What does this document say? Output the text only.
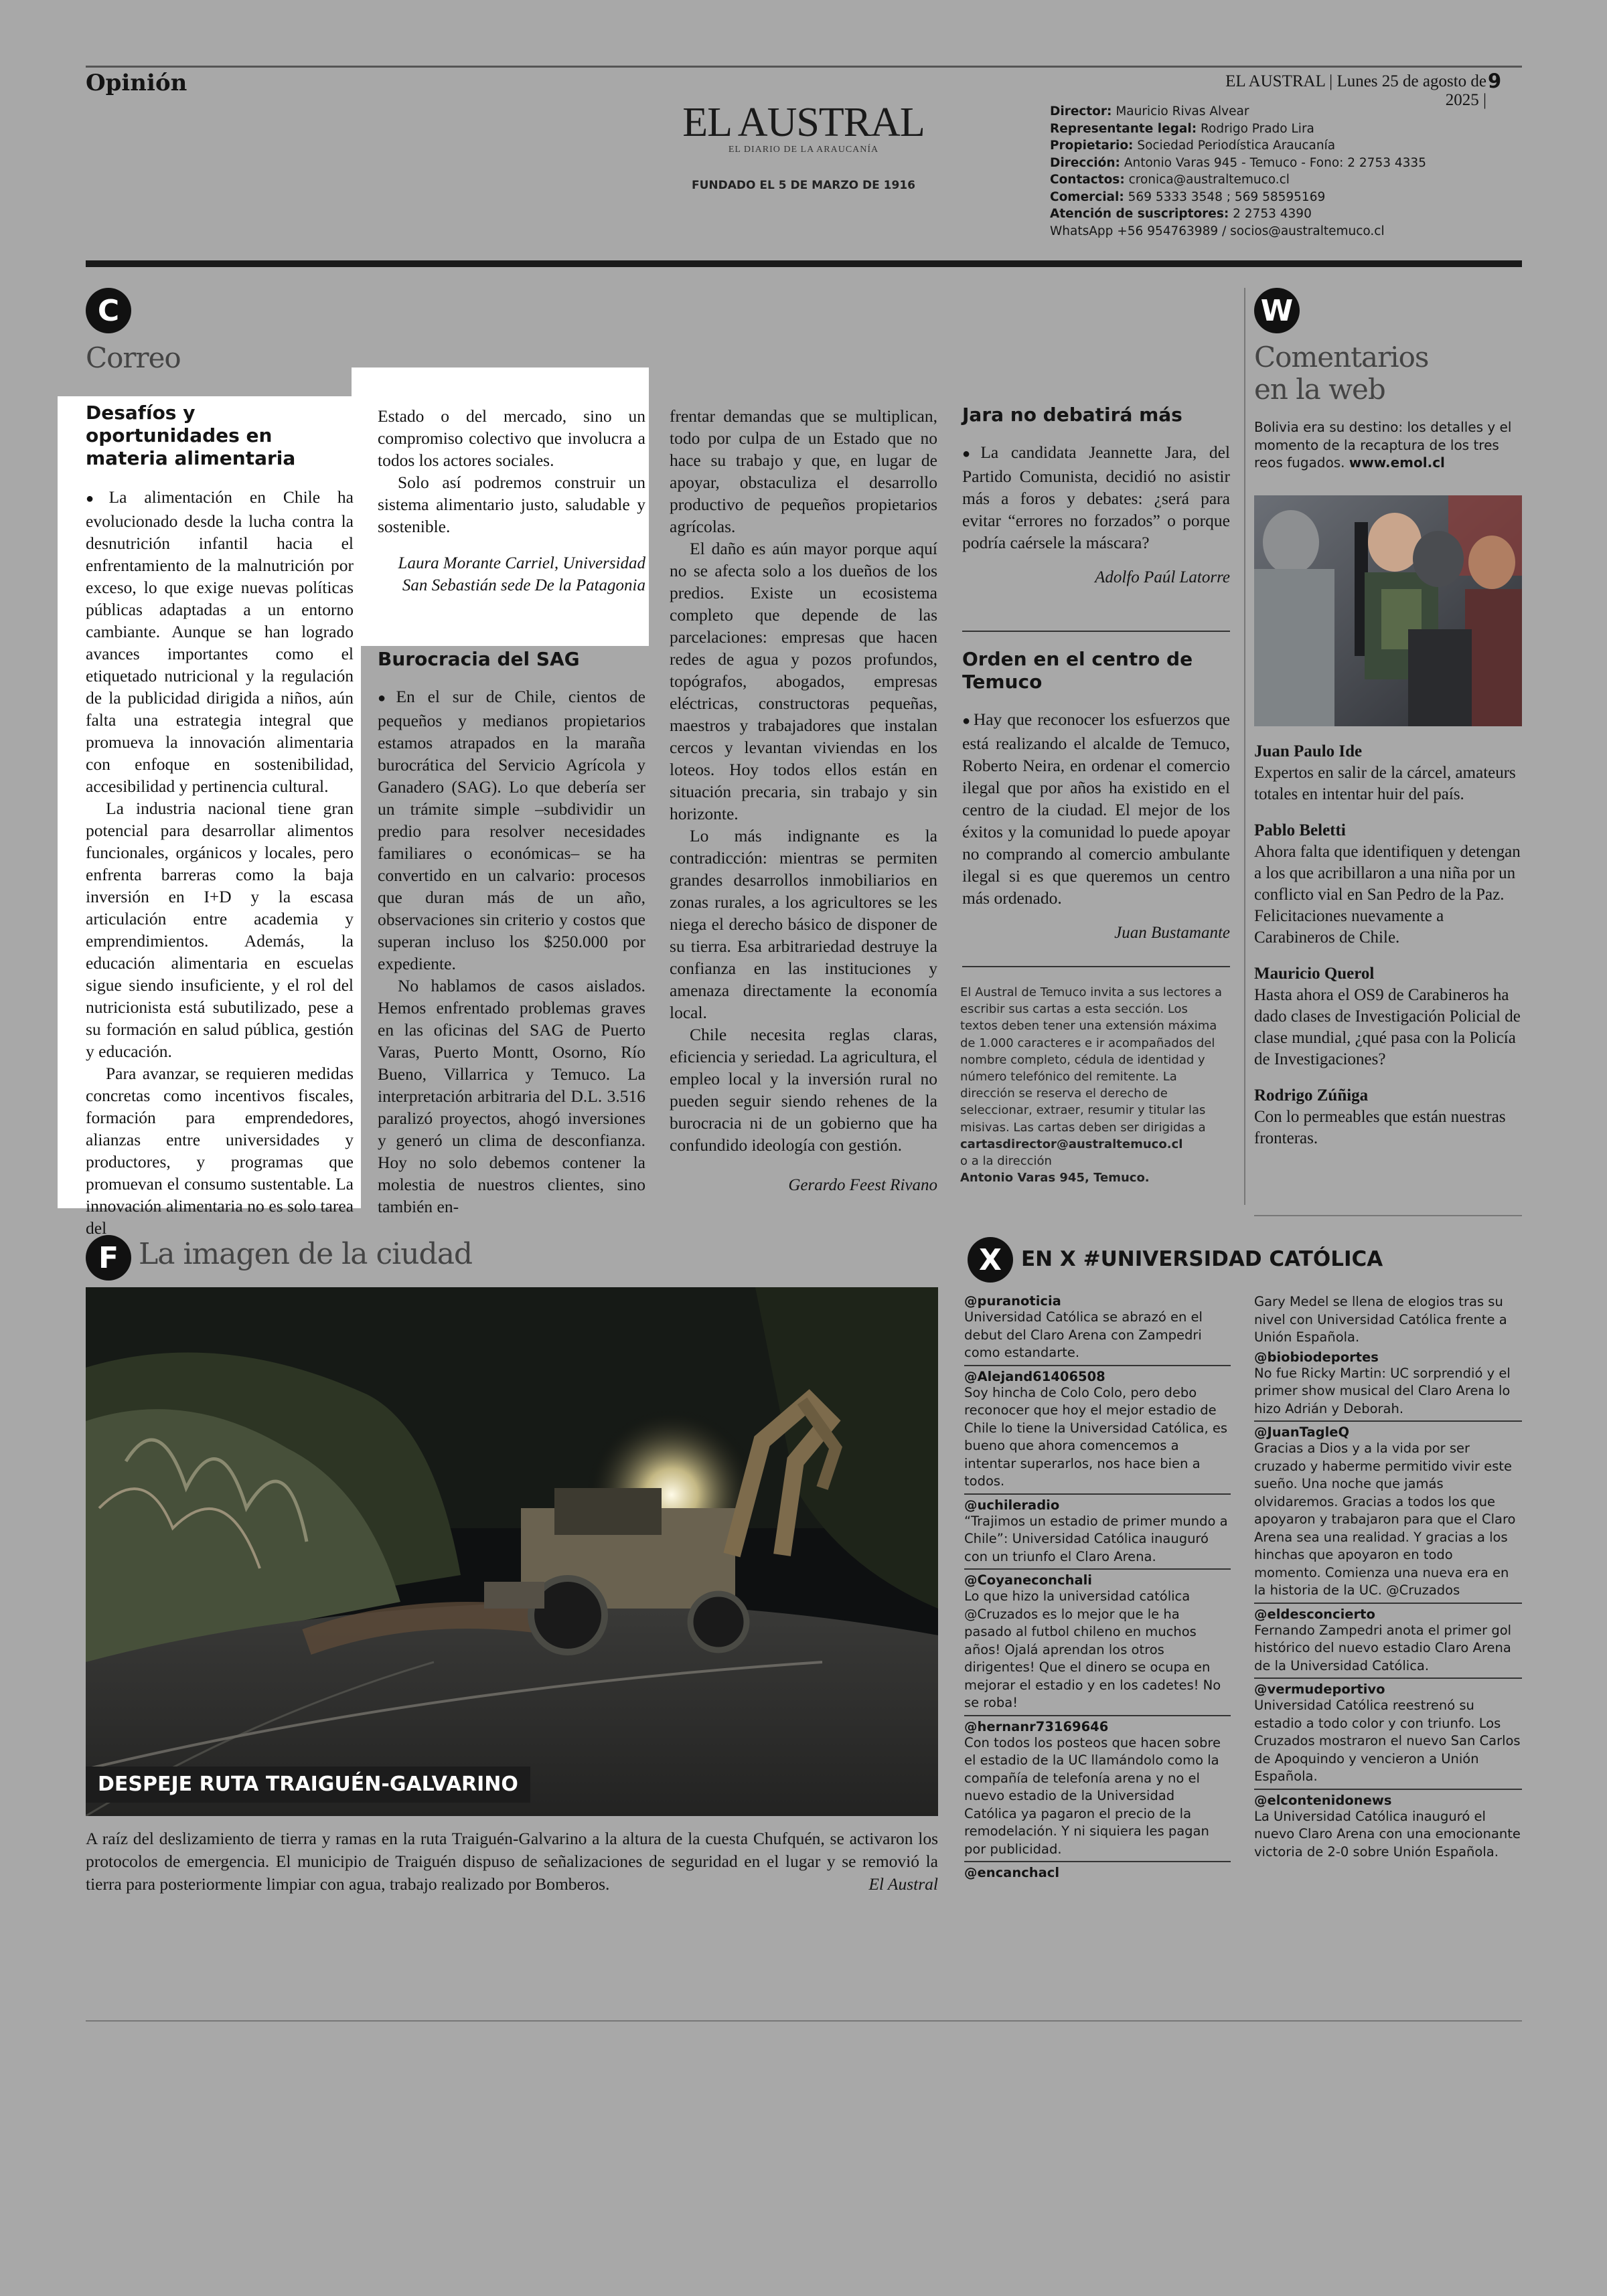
Opinión	EL AUSTRAL | Lunes 25 de agosto de 2025 |
9
EL AUSTRAL
EL DIARIO DE LA ARAUCANÍA
FUNDADO EL 5 DE MARZO DE 1916
Director: Mauricio Rivas Alvear
Representante legal: Rodrigo Prado Lira
Propietario: Sociedad Periodística Araucanía
Dirección: Antonio Varas 945 - Temuco - Fono: 2 2753 4335
Contactos: cronica@australtemuco.cl
Comercial: 569 5333 3548 ; 569 58595169
Atención de suscriptores: 2 2753 4390
WhatsApp +56 954763989 / socios@australtemuco.cl
C
Correo
Desafíos y oportunidades en materia alimentaria

● La alimentación en Chile ha evolucionado desde la lucha contra la desnutrición infantil hacia el enfrentamiento de la malnutrición por exceso, lo que exige nuevas políticas públicas adaptadas a un entorno cambiante. Aunque se han logrado avances importantes como el etiquetado nutricional y la regulación de la publicidad dirigida a niños, aún falta una estrategia integral que promueva la innovación alimentaria con enfoque en sostenibilidad, accesibilidad y pertinencia cultural.

La industria nacional tiene gran potencial para desarrollar alimentos funcionales, orgánicos y locales, pero enfrenta barreras como la baja inversión en I+D y la escasa articulación entre academia y emprendimientos. Además, la educación alimentaria en escuelas sigue siendo insuficiente, y el rol del nutricionista está subutilizado, pese a su formación en salud pública, gestión y educación.

Para avanzar, se requieren medidas concretas como incentivos fiscales, formación para emprendedores, alianzas entre universidades y productores, y programas que promuevan el consumo sustentable. La innovación alimentaria no es solo tarea del

Estado o del mercado, sino un compromiso colectivo que involucra a todos los actores sociales.

Solo así podremos construir un sistema alimentario justo, saludable y sostenible.

Laura Morante Carriel, Universidad San Sebastián sede De la Patagonia
Burocracia del SAG

● En el sur de Chile, cientos de pequeños y medianos propietarios estamos atrapados en la maraña burocrática del Servicio Agrícola y Ganadero (SAG). Lo que debería ser un trámite simple –subdividir un predio para resolver necesidades familiares o económicas– se ha convertido en un calvario: procesos que duran más de un año, observaciones sin criterio y costos que superan incluso los $250.000 por expediente.

No hablamos de casos aislados. Hemos enfrentado problemas graves en las oficinas del SAG de Puerto Varas, Puerto Montt, Osorno, Río Bueno, Villarrica y Temuco. La interpretación arbitraria del D.L. 3.516 paralizó proyectos, ahogó inversiones y generó un clima de desconfianza. Hoy no solo debemos contener la molestia de nuestros clientes, sino también en-

frentar demandas que se multiplican, todo por culpa de un Estado que no hace su trabajo y que, en lugar de apoyar, obstaculiza el desarrollo productivo de pequeños propietarios agrícolas.

El daño es aún mayor porque aquí no se afecta solo a los dueños de los predios. Existe un ecosistema completo que depende de las parcelaciones: empresas que hacen redes de agua y pozos profundos, topógrafos, abogados, empresas eléctricas, constructoras pequeñas, maestros y trabajadores que instalan cercos y levantan viviendas en los loteos. Hoy todos ellos están en situación precaria, sin trabajo y sin horizonte.

Lo más indignante es la contradicción: mientras se permiten grandes desarrollos inmobiliarios en zonas rurales, a los agricultores se les niega el derecho básico de disponer de su tierra. Esa arbitrariedad destruye la confianza en las instituciones y amenaza directamente la economía local.

Chile necesita reglas claras, eficiencia y seriedad. La agricultura, el empleo local y la inversión rural no pueden seguir siendo rehenes de la burocracia ni de un gobierno que ha confundido ideología con gestión.

Gerardo Feest Rivano
Jara no debatirá más

● La candidata Jeannette Jara, del Partido Comunista, decidió no asistir más a foros y debates: ¿será para evitar “errores no forzados” o porque podría caérsele la máscara?

Adolfo Paúl Latorre
Orden en el centro de Temuco

● Hay que reconocer los esfuerzos que está realizando el alcalde de Temuco, Roberto Neira, en ordenar el comercio ilegal que por años ha existido en el centro de la ciudad. El mejor de los éxitos y la comunidad lo puede apoyar no comprando al comercio ambulante ilegal si es que queremos un centro más ordenado.

Juan Bustamante
El Austral de Temuco invita a sus lectores a escribir sus cartas a esta sección. Los textos deben tener una extensión máxima de 1.000 caracteres e ir acompañados del nombre completo, cédula de identidad y número telefónico del remitente. La dirección se reserva el derecho de seleccionar, extraer, resumir y titular las misivas. Las cartas deben ser dirigidas a
cartasdirector@australtemuco.cl
o a la dirección
Antonio Varas 945, Temuco.
W
Comentarios
en la web
Bolivia era su destino: los detalles y el momento de la recaptura de los tres reos fugados. www.emol.cl
Juan Paulo Ide
Expertos en salir de la cárcel, amateurs totales en intentar huir del país.
Pablo Beletti
Ahora falta que identifiquen y detengan a los que acribillaron a una niña por un conflicto vial en San Pedro de la Paz. Felicitaciones nuevamente a Carabineros de Chile.
Mauricio Querol
Hasta ahora el OS9 de Carabineros ha dado clases de Investigación Policial de clase mundial, ¿qué pasa con la Policía de Investigaciones?
Rodrigo Zúñiga
Con lo permeables que están nuestras fronteras.
F La imagen de la ciudad
DESPEJE RUTA TRAIGUÉN-GALVARINO
A raíz del deslizamiento de tierra y ramas en la ruta Traiguén-Galvarino a la altura de la cuesta Chufquén, se activaron los protocolos de emergencia. El municipio de Traiguén dispuso de señalizaciones de seguridad en el lugar y se removió la tierra para posteriormente limpiar con agua, trabajo realizado por Bomberos.	El Austral
X EN X #UNIVERSIDAD CATÓLICA
@puranoticia
Universidad Católica se abrazó en el debut del Claro Arena con Zampedri como estandarte.
@Alejand61406508
Soy hincha de Colo Colo, pero debo reconocer que hoy el mejor estadio de Chile lo tiene la Universidad Católica, es bueno que ahora comencemos a intentar superarlos, nos hace bien a todos.
@uchileradio
“Trajimos un estadio de primer mundo a Chile”: Universidad Católica inauguró con un triunfo el Claro Arena.
@Coyaneconchali
Lo que hizo la universidad católica @Cruzados es lo mejor que le ha pasado al futbol chileno en muchos años! Ojalá aprendan los otros dirigentes! Que el dinero se ocupa en mejorar el estadio y en los cadetes! No se roba!
@hernanr73169646
Con todos los posteos que hacen sobre el estadio de la UC llamándolo como la compañía de telefonía arena y no el nuevo estadio de la Universidad Católica ya pagaron el precio de la remodelación. Y ni siquiera les pagan por publicidad.
@encanchacl
Gary Medel se llena de elogios tras su nivel con Universidad Católica frente a Unión Española.
@biobiodeportes
No fue Ricky Martin: UC sorprendió y el primer show musical del Claro Arena lo hizo Adrián y Deborah.
@JuanTagleQ
Gracias a Dios y a la vida por ser cruzado y haberme permitido vivir este sueño. Una noche que jamás olvidaremos. Gracias a todos los que apoyaron y trabajaron para que el Claro Arena sea una realidad. Y gracias a los hinchas que apoyaron en todo momento. Comienza una nueva era en la historia de la UC. @Cruzados
@eldesconcierto
Fernando Zampedri anota el primer gol histórico del nuevo estadio Claro Arena de la Universidad Católica.
@vermudeportivo
Universidad Católica reestrenó su estadio a todo color y con triunfo. Los Cruzados mostraron el nuevo San Carlos de Apoquindo y vencieron a Unión Española.
@elcontenidonews
La Universidad Católica inauguró el nuevo Claro Arena con una emocionante victoria de 2-0 sobre Unión Española.
